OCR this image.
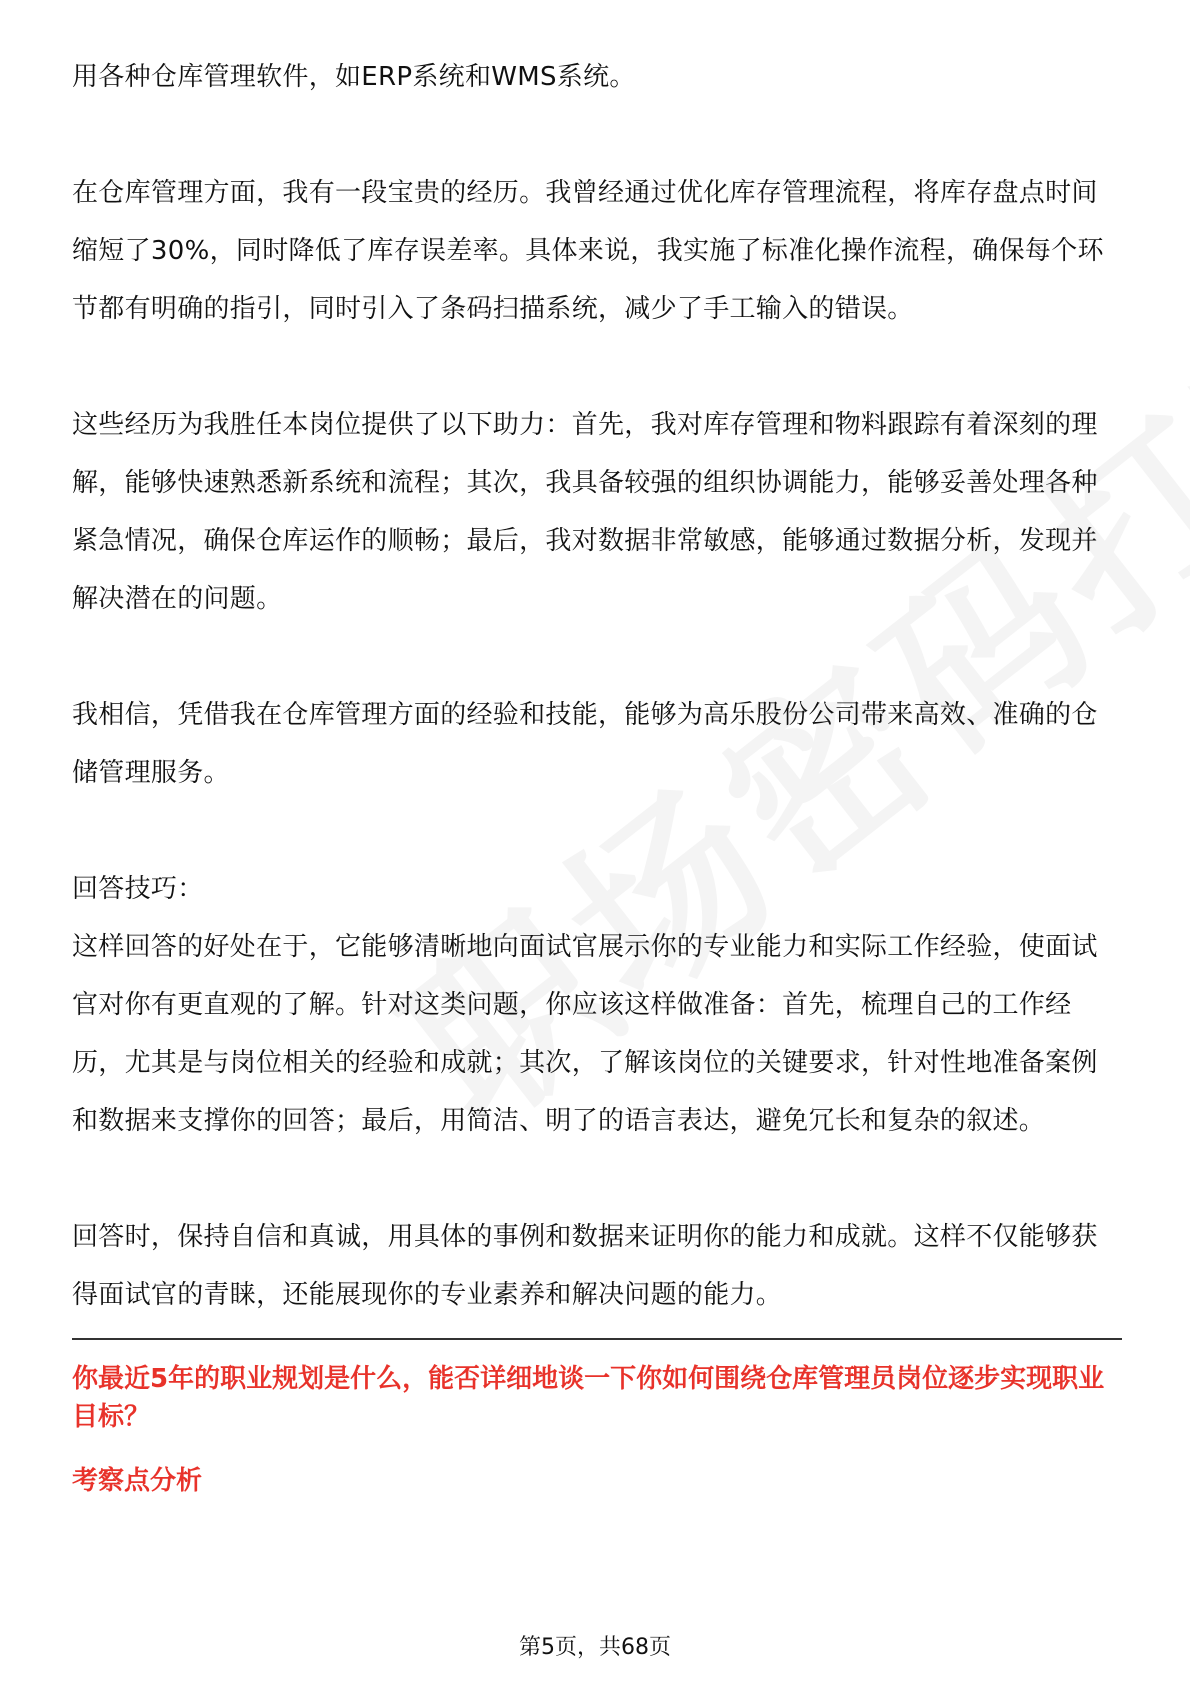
用各种仓库管理软件，如ERP系统和WMS系统。

在仓库管理方面，我有一段宝贵的经历。我曾经通过优化库存管理流程，将库存盘点时间缩短了30%，同时降低了库存误差率。具体来说，我实施了标准化操作流程，确保每个环节都有明确的指引，同时引入了条码扫描系统，减少了手工输入的错误。

这些经历为我胜任本岗位提供了以下助力：首先，我对库存管理和物料跟踪有着深刻的理解，能够快速熟悉新系统和流程；其次，我具备较强的组织协调能力，能够妥善处理各种紧急情况，确保仓库运作的顺畅；最后，我对数据非常敏感，能够通过数据分析，发现并解决潜在的问题。

我相信，凭借我在仓库管理方面的经验和技能，能够为高乐股份公司带来高效、准确的仓储管理服务。

回答技巧：

这样回答的好处在于，它能够清晰地向面试官展示你的专业能力和实际工作经验，使面试官对你有更直观的了解。针对这类问题，你应该这样做准备：首先，梳理自己的工作经历，尤其是与岗位相关的经验和成就；其次，了解该岗位的关键要求，针对性地准备案例和数据来支撑你的回答；最后，用简洁、明了的语言表达，避免冗长和复杂的叙述。

回答时，保持自信和真诚，用具体的事例和数据来证明你的能力和成就。这样不仅能够获得面试官的青睐，还能展现你的专业素养和解决问题的能力。

你最近5年的职业规划是什么，能否详细地谈一下你如何围绕仓库管理员岗位逐步实现职业目标？

考察点分析

第5页，共68页
